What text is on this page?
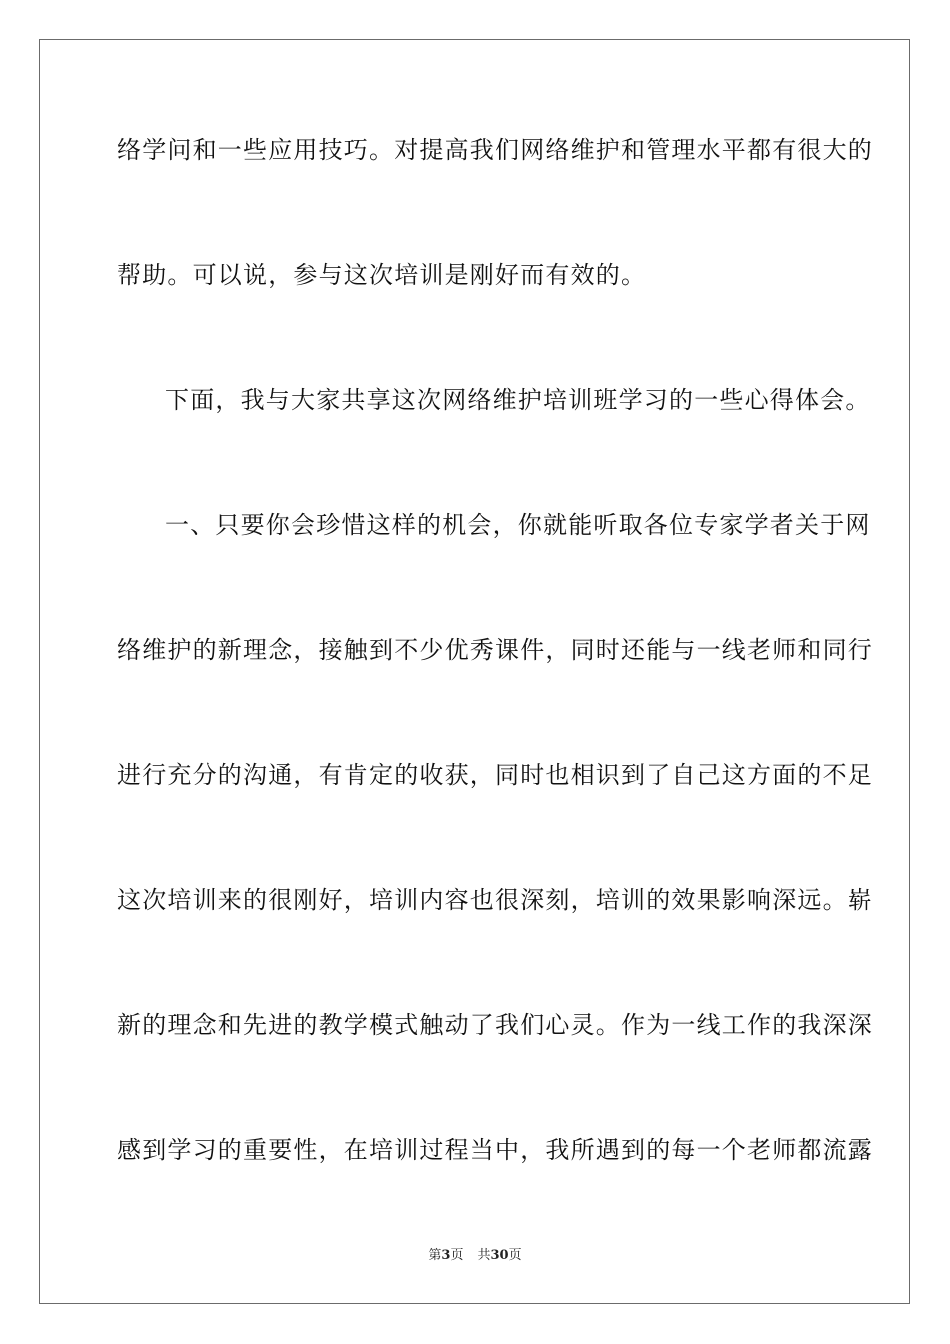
络学问和一些应用技巧。对提高我们网络维护和管理水平都有很大的
帮助。可以说，参与这次培训是刚好而有效的。
下面，我与大家共享这次网络维护培训班学习的一些心得体会。
一、只要你会珍惜这样的机会，你就能听取各位专家学者关于网
络维护的新理念，接触到不少优秀课件，同时还能与一线老师和同行
进行充分的沟通，有肯定的收获，同时也相识到了自己这方面的不足
这次培训来的很刚好，培训内容也很深刻，培训的效果影响深远。崭
新的理念和先进的教学模式触动了我们心灵。作为一线工作的我深深
感到学习的重要性，在培训过程当中，我所遇到的每一个老师都流露
第3页 共30页
